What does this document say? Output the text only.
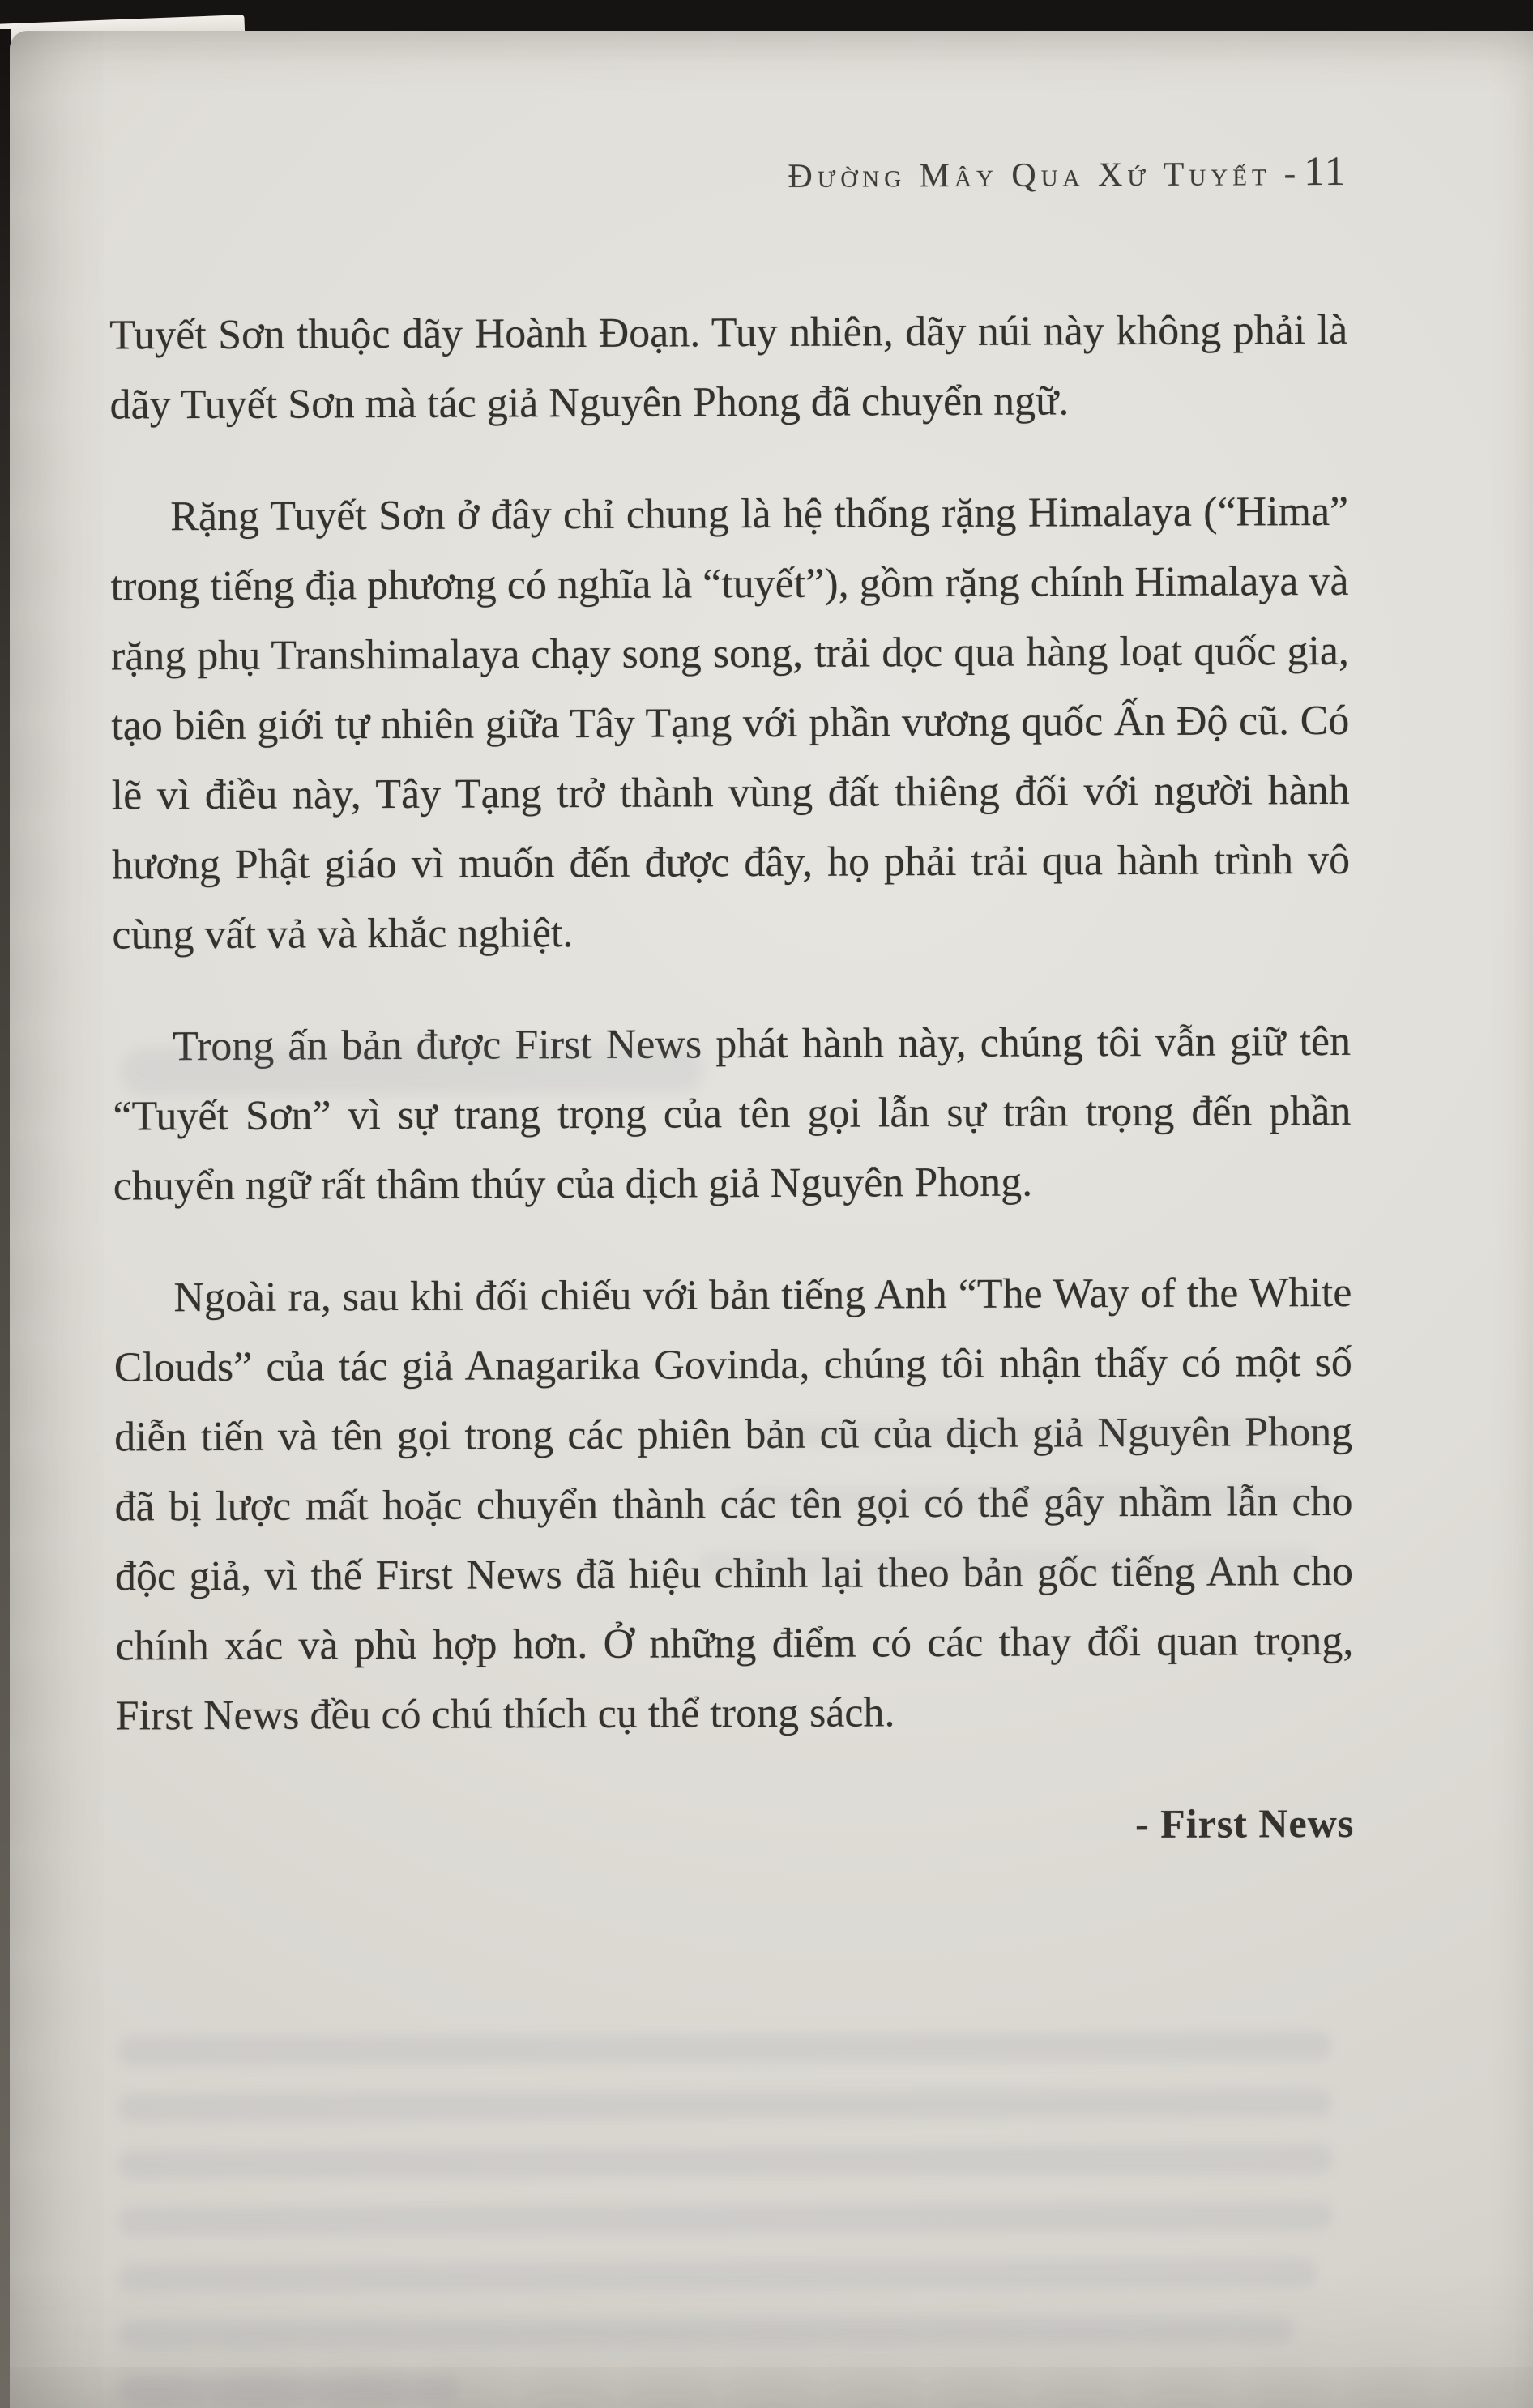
Đường Mây Qua Xứ Tuyết - 11

Tuyết Sơn thuộc dãy Hoành Đoạn. Tuy nhiên, dãy núi này không phải là dãy Tuyết Sơn mà tác giả Nguyên Phong đã chuyển ngữ.

Rặng Tuyết Sơn ở đây chỉ chung là hệ thống rặng Himalaya (“Hima” trong tiếng địa phương có nghĩa là “tuyết”), gồm rặng chính Himalaya và rặng phụ Transhimalaya chạy song song, trải dọc qua hàng loạt quốc gia, tạo biên giới tự nhiên giữa Tây Tạng với phần vương quốc Ấn Độ cũ. Có lẽ vì điều này, Tây Tạng trở thành vùng đất thiêng đối với người hành hương Phật giáo vì muốn đến được đây, họ phải trải qua hành trình vô cùng vất vả và khắc nghiệt.

Trong ấn bản được First News phát hành này, chúng tôi vẫn giữ tên “Tuyết Sơn” vì sự trang trọng của tên gọi lẫn sự trân trọng đến phần chuyển ngữ rất thâm thúy của dịch giả Nguyên Phong.

Ngoài ra, sau khi đối chiếu với bản tiếng Anh “The Way of the White Clouds” của tác giả Anagarika Govinda, chúng tôi nhận thấy có một số diễn tiến và tên gọi trong các phiên bản cũ của dịch giả Nguyên Phong đã bị lược mất hoặc chuyển thành các tên gọi có thể gây nhầm lẫn cho độc giả, vì thế First News đã hiệu chỉnh lại theo bản gốc tiếng Anh cho chính xác và phù hợp hơn. Ở những điểm có các thay đổi quan trọng, First News đều có chú thích cụ thể trong sách.

- First News
